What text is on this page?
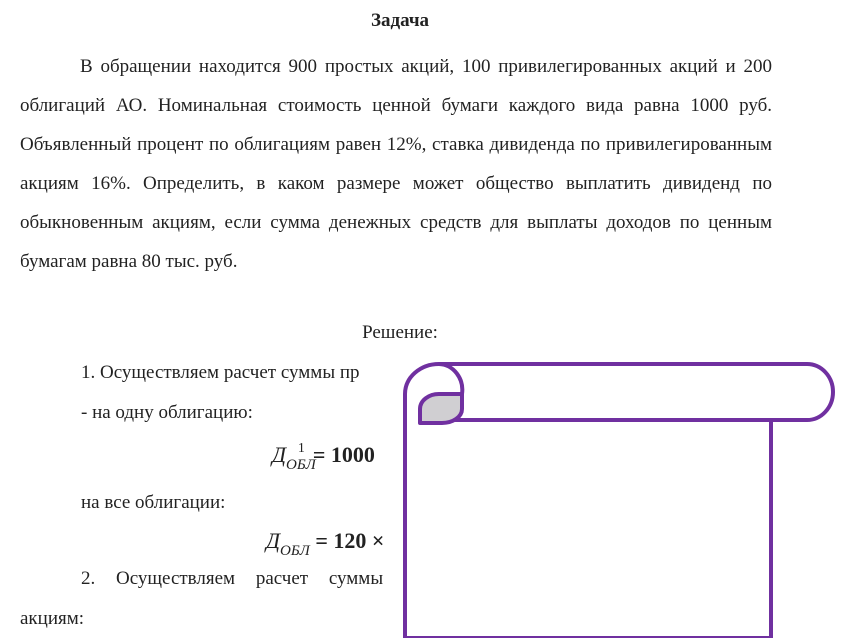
Задача

В обращении находится 900 простых акций, 100 привилегированных акций и 200 облигаций АО. Номинальная стоимость ценной бумаги каждого вида равна 1000 руб. Объявленный процент по облигациям равен 12%, ставка дивиденда по привилегированным акциям 16%. Определить, в каком размере может общество выплатить дивиденд по обыкновенным акциям, если сумма денежных средств для выплаты доходов по ценным бумагам равна 80 тыс. руб.

Решение:
1. Осуществляем расчет суммы пр
- на одну облигацию:
$Д_{ОБЛ}^1 = 1000$
на все облигации:
$Д_{ОБЛ} = 120$ ×
2. Осуществляем расчет суммы
акциям:
